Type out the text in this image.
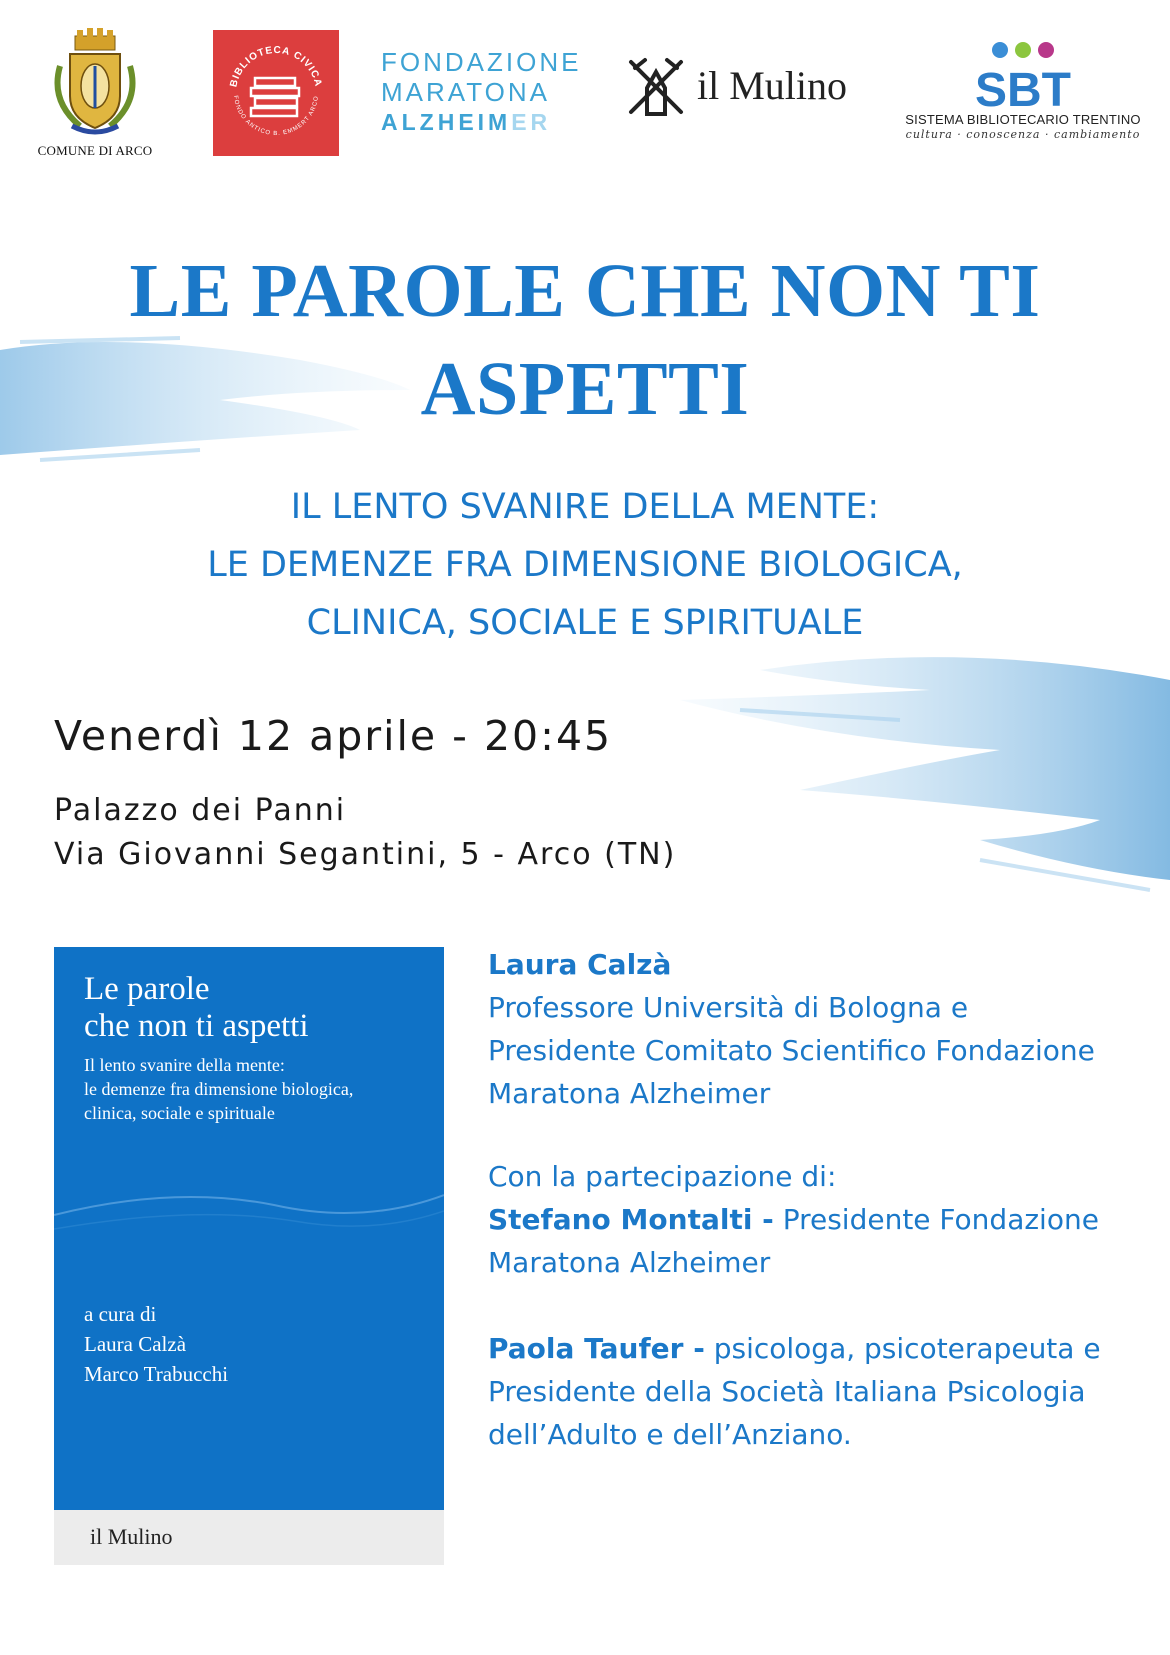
COMUNE DI ARCO
BIBLIOTECA CIVICA
FONDO ANTICO B. EMMERT ARCO
FONDAZIONE
MARATONA
ALZHEIMER
il Mulino	SBT
SISTEMA BIBLIOTECARIO TRENTINO
cultura · conoscenza · cambiamento
LE PAROLE CHE NON TI
ASPETTI
IL LENTO SVANIRE DELLA MENTE:
LE DEMENZE FRA DIMENSIONE BIOLOGICA,
CLINICA, SOCIALE E SPIRITUALE
Venerdì 12 aprile - 20:45
Palazzo dei Panni
Via Giovanni Segantini, 5 - Arco (TN)
Le parole
che non ti aspetti
Il lento svanire della mente:
le demenze fra dimensione biologica,
clinica, sociale e spirituale
a cura di
Laura Calzà
Marco Trabucchi
il Mulino

Laura Calzà

Professore Università di Bologna e

Presidente Comitato Scientifico Fondazione

Maratona Alzheimer

Con la partecipazione di:

Stefano Montalti - Presidente Fondazione

Maratona Alzheimer

Paola Taufer - psicologa, psicoterapeuta e

Presidente della Società Italiana Psicologia

dell’Adulto e dell’Anziano.
